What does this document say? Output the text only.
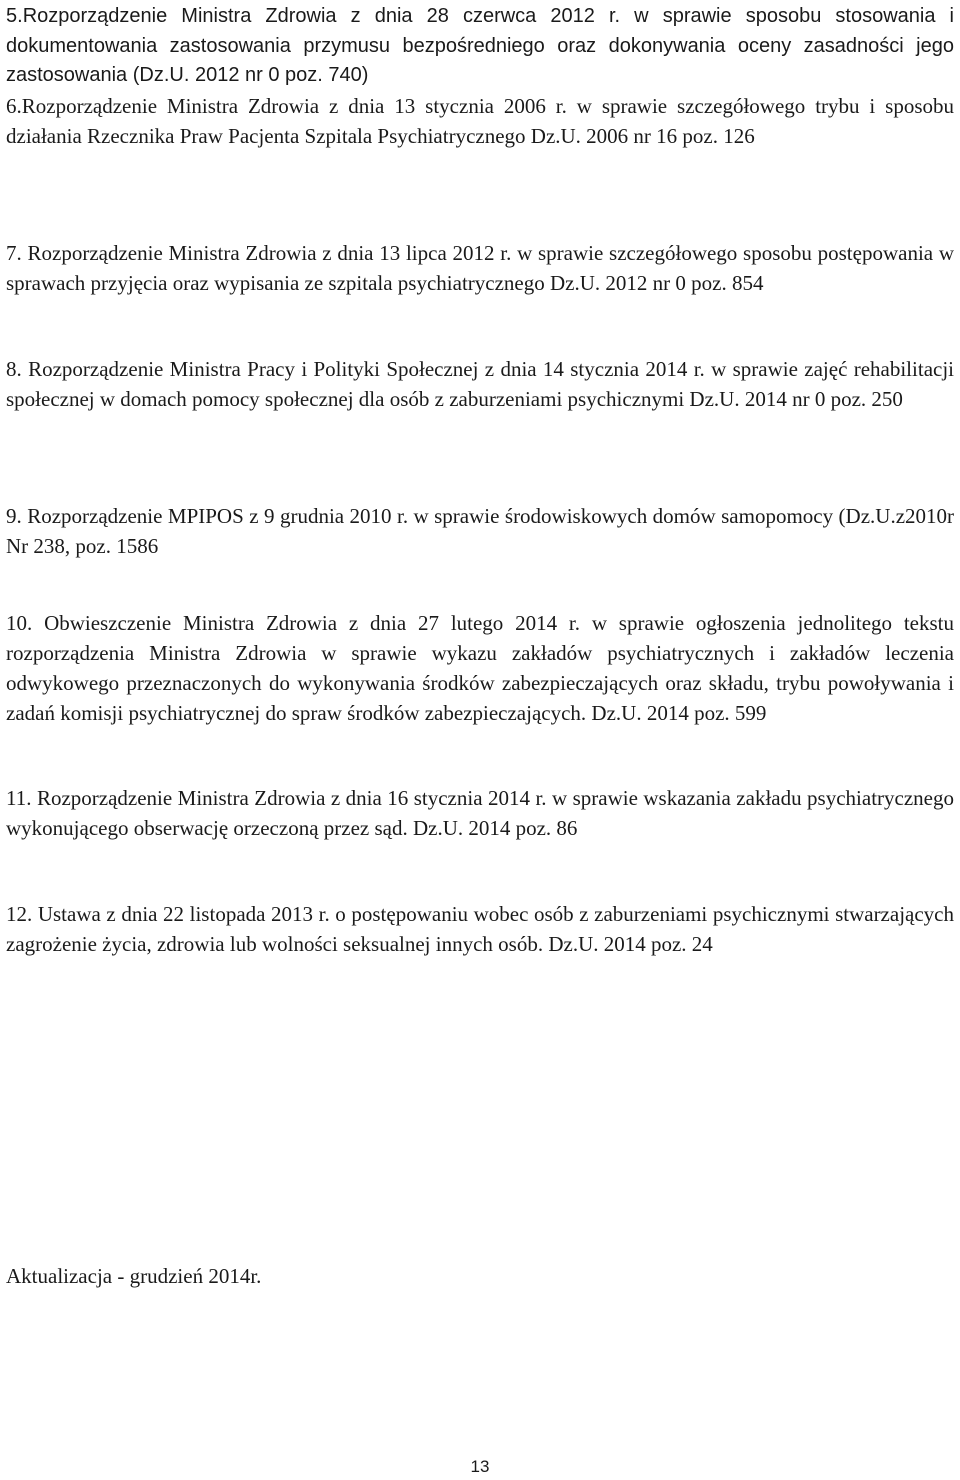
5.Rozporządzenie Ministra Zdrowia z dnia 28 czerwca 2012 r. w sprawie sposobu stosowania i dokumentowania zastosowania przymusu bezpośredniego oraz dokonywania oceny zasadności jego zastosowania (Dz.U. 2012 nr 0 poz. 740)

6.Rozporządzenie Ministra Zdrowia z dnia 13 stycznia 2006 r. w sprawie szczegółowego trybu i sposobu działania Rzecznika Praw Pacjenta Szpitala Psychiatrycznego Dz.U. 2006 nr 16 poz. 126

7. Rozporządzenie Ministra Zdrowia z dnia 13 lipca 2012 r. w sprawie szczegółowego sposobu postępowania w sprawach przyjęcia oraz wypisania ze szpitala psychiatrycznego Dz.U. 2012 nr 0 poz. 854

8. Rozporządzenie Ministra Pracy i Polityki Społecznej z dnia 14 stycznia 2014 r. w sprawie zajęć rehabilitacji społecznej w domach pomocy społecznej dla osób z zaburzeniami psychicznymi Dz.U. 2014 nr 0 poz. 250

9. Rozporządzenie MPIPOS z 9 grudnia 2010 r. w sprawie środowiskowych domów samopomocy (Dz.U.z2010r Nr 238, poz. 1586

10. Obwieszczenie Ministra Zdrowia z dnia 27 lutego 2014 r. w sprawie ogłoszenia jednolitego tekstu rozporządzenia Ministra Zdrowia w sprawie wykazu zakładów psychiatrycznych i zakładów leczenia odwykowego przeznaczonych do wykonywania środków zabezpieczających oraz składu, trybu powoływania i zadań komisji psychiatrycznej do spraw środków zabezpieczających. Dz.U. 2014 poz. 599

11. Rozporządzenie Ministra Zdrowia z dnia 16 stycznia 2014 r. w sprawie wskazania zakładu psychiatrycznego wykonującego obserwację orzeczoną przez sąd. Dz.U. 2014 poz. 86

12. Ustawa z dnia 22 listopada 2013 r. o postępowaniu wobec osób z zaburzeniami psychicznymi stwarzających zagrożenie życia, zdrowia lub wolności seksualnej innych osób. Dz.U. 2014 poz. 24

Aktualizacja - grudzień 2014r.

13
